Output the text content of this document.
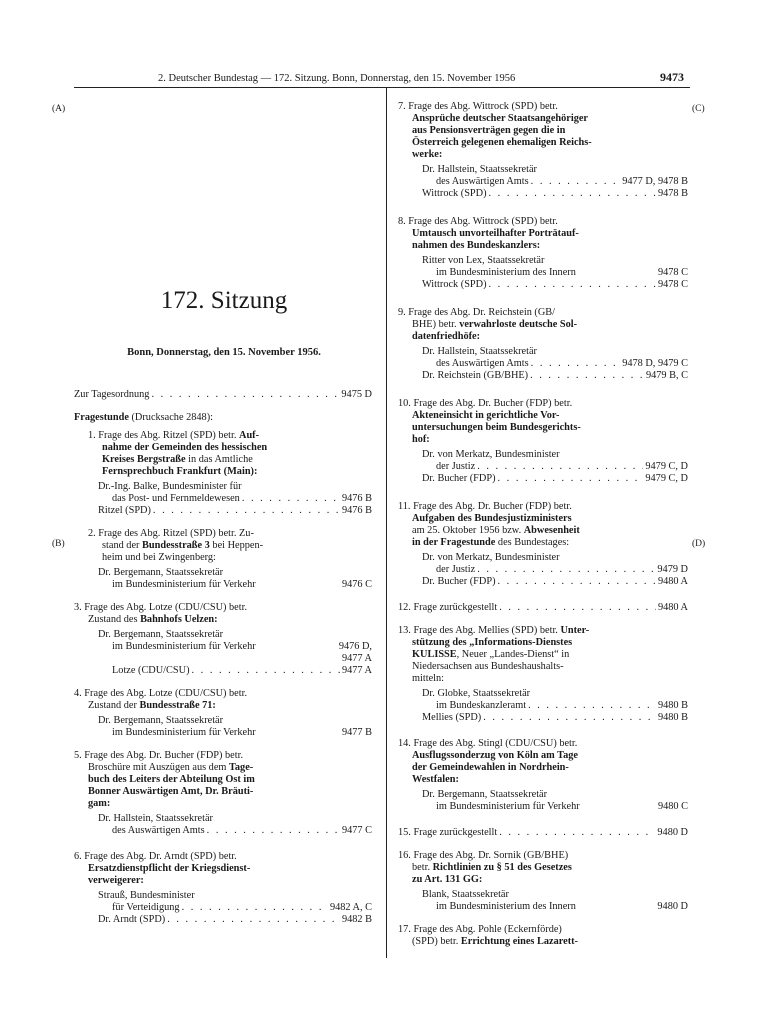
2. Deutscher Bundestag — 172. Sitzung. Bonn, Donnerstag, den 15. November 1956	9473
(A)
(B)
(C)
(D)
172. Sitzung
Bonn, Donnerstag, den 15. November 1956.
Zur Tagesordnung . . .	9475 D
Fragestunde (Drucksache 2848):
1. Frage des Abg. Ritzel (SPD) betr. Auf-
nahme der Gemeinden des hessischen
Kreises Bergstraße in das Amtliche
Fernsprechbuch Frankfurt (Main):
Dr.-Ing. Balke, Bundesminister für
das Post- und Fernmeldewesen . . .	9476 B
Ritzel (SPD) . . .	9476 B
2. Frage des Abg. Ritzel (SPD) betr. Zu-
stand der Bundesstraße 3 bei Heppen-
heim und bei Zwingenberg:
Dr. Bergemann, Staatssekretär
im Bundesministerium für Verkehr	9476 C
3. Frage des Abg. Lotze (CDU/CSU) betr.
Zustand des Bahnhofs Uelzen:
Dr. Bergemann, Staatssekretär
im Bundesministerium für Verkehr	9476 D,
9477 A
Lotze (CDU/CSU) . . .	9477 A
4. Frage des Abg. Lotze (CDU/CSU) betr.
Zustand der Bundesstraße 71:
Dr. Bergemann, Staatssekretär
im Bundesministerium für Verkehr	9477 B
5. Frage des Abg. Dr. Bucher (FDP) betr.
Broschüre mit Auszügen aus dem Tage-
buch des Leiters der Abteilung Ost im
Bonner Auswärtigen Amt, Dr. Bräuti-
gam:
Dr. Hallstein, Staatssekretär
des Auswärtigen Amts . . .	9477 C
6. Frage des Abg. Dr. Arndt (SPD) betr.
Ersatzdienstpflicht der Kriegsdienst-
verweigerer:
Strauß, Bundesminister
für Verteidigung . . .	9482 A, C
Dr. Arndt (SPD) . . .	9482 B
7. Frage des Abg. Wittrock (SPD) betr.
Ansprüche deutscher Staatsangehöriger
aus Pensionsverträgen gegen die in
Österreich gelegenen ehemaligen Reichs-
werke:
Dr. Hallstein, Staatssekretär
des Auswärtigen Amts . . .	9477 D, 9478 B
Wittrock (SPD) . . .	9478 B
8. Frage des Abg. Wittrock (SPD) betr.
Umtausch unvorteilhafter Porträtauf-
nahmen des Bundeskanzlers:
Ritter von Lex, Staatssekretär
im Bundesministerium des Innern	9478 C
Wittrock (SPD) . . .	9478 C
9. Frage des Abg. Dr. Reichstein (GB/
BHE) betr. verwahrloste deutsche Sol-
datenfriedhöfe:
Dr. Hallstein, Staatssekretär
des Auswärtigen Amts . . .	9478 D, 9479 C
Dr. Reichstein (GB/BHE) . . .	9479 B, C
10. Frage des Abg. Dr. Bucher (FDP) betr.
Akteneinsicht in gerichtliche Vor-
untersuchungen beim Bundesgerichts-
hof:
Dr. von Merkatz, Bundesminister
der Justiz . . .	9479 C, D
Dr. Bucher (FDP) . . .	9479 C, D
11. Frage des Abg. Dr. Bucher (FDP) betr.
Aufgaben des Bundesjustizministers
am 25. Oktober 1956 bzw. Abwesenheit
in der Fragestunde des Bundestages:
Dr. von Merkatz, Bundesminister
der Justiz . . .	9479 D
Dr. Bucher (FDP) . . .	9480 A
12. Frage zurückgestellt . . .	9480 A
13. Frage des Abg. Mellies (SPD) betr. Unter-
stützung des „Informations-Dienstes
KULISSE, Neuer „Landes-Dienst“ in
Niedersachsen aus Bundeshaushalts-
mitteln:
Dr. Globke, Staatssekretär
im Bundeskanzleramt . . .	9480 B
Mellies (SPD) . . .	9480 B
14. Frage des Abg. Stingl (CDU/CSU) betr.
Ausflugssonderzug von Köln am Tage
der Gemeindewahlen in Nordrhein-
Westfalen:
Dr. Bergemann, Staatssekretär
im Bundesministerium für Verkehr	9480 C
15. Frage zurückgestellt . . .	9480 D
16. Frage des Abg. Dr. Sornik (GB/BHE)
betr. Richtlinien zu § 51 des Gesetzes
zu Art. 131 GG:
Blank, Staatssekretär
im Bundesministerium des Innern	9480 D
17. Frage des Abg. Pohle (Eckernförde)
(SPD) betr. Errichtung eines Lazarett-
